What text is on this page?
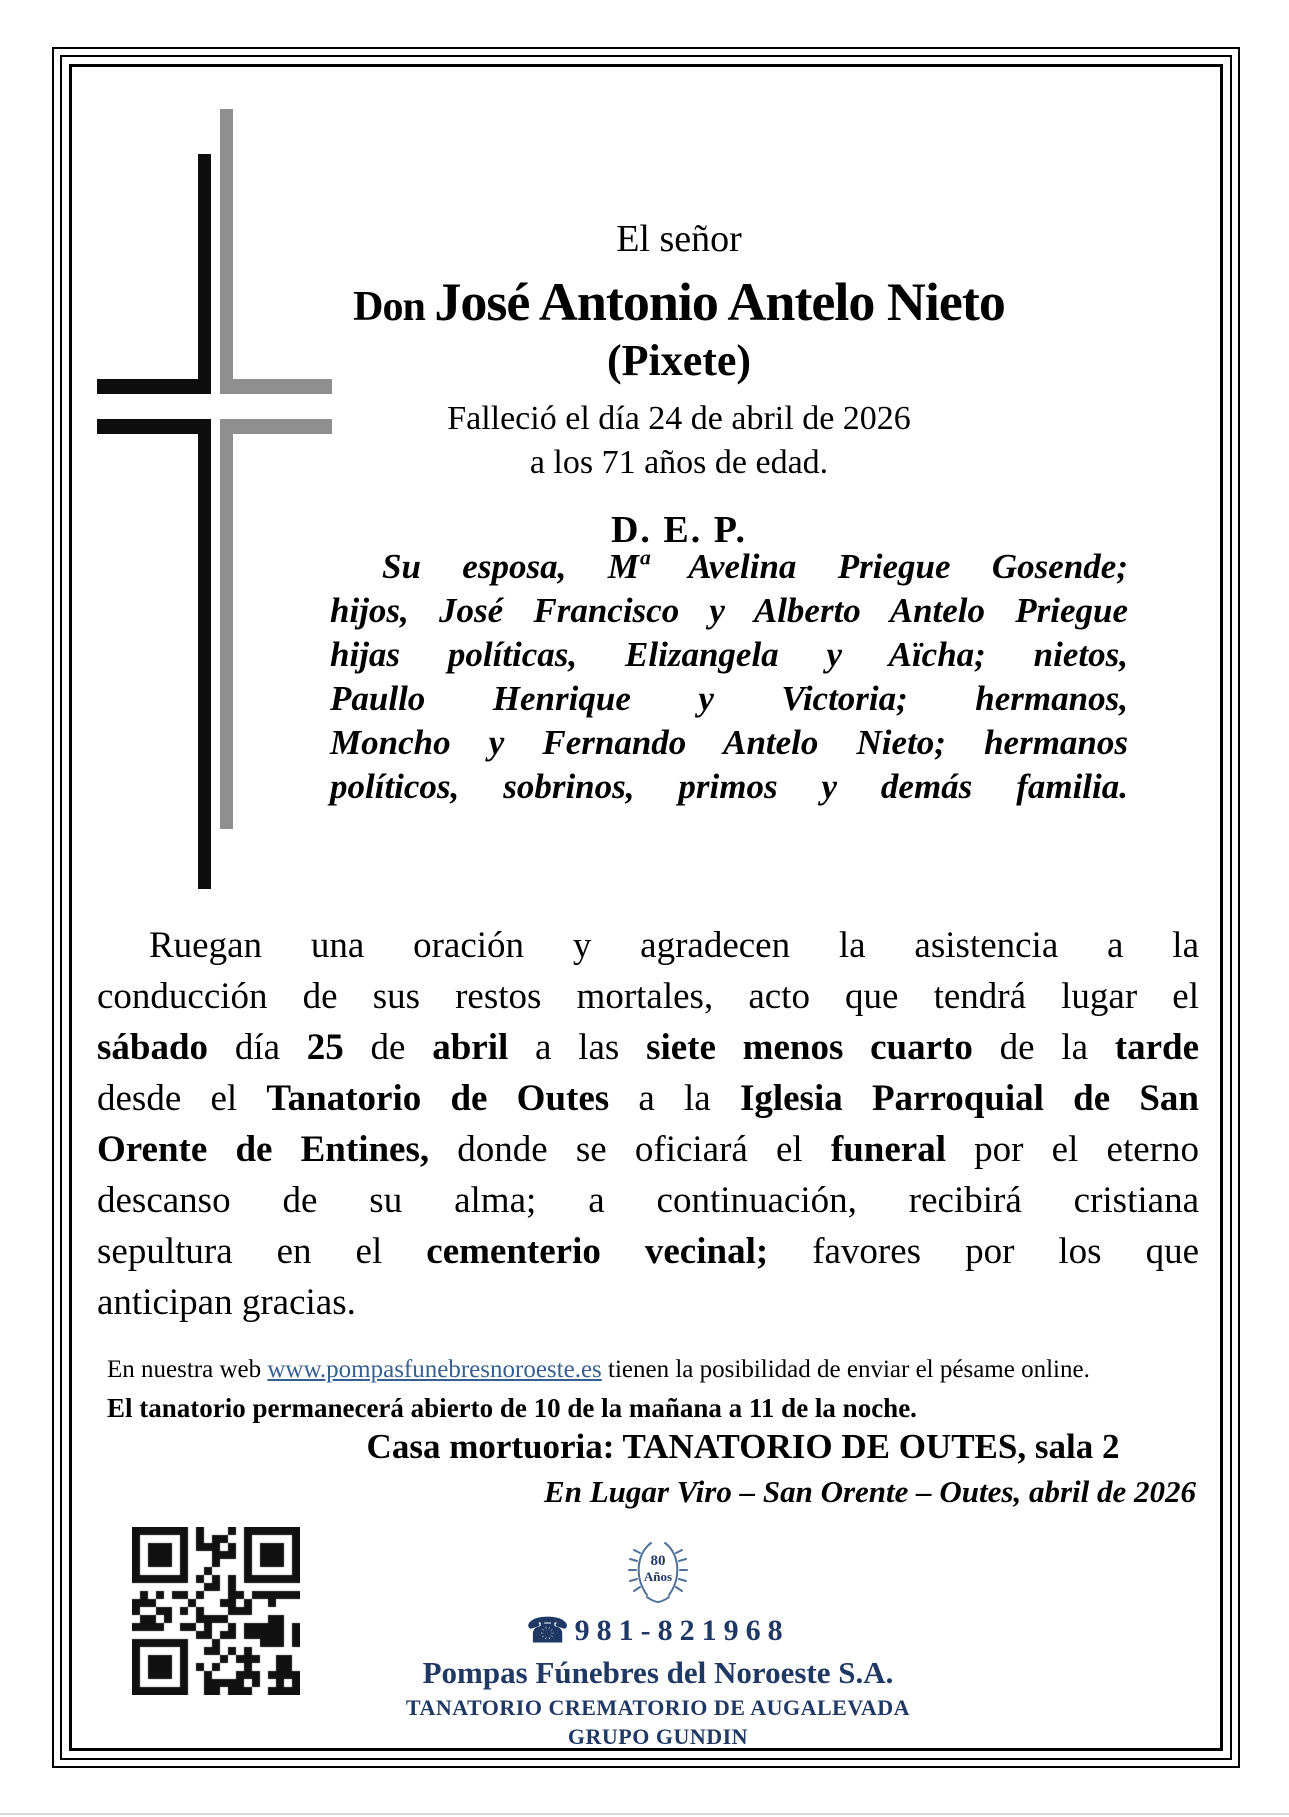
El señor
Don José Antonio Antelo Nieto
(Pixete)
Falleció el día 24 de abril de 2026
a los 71 años de edad.
D. E. P.
Su esposa, Mª Avelina Priegue Gosende;
hijos, José Francisco y Alberto Antelo Priegue
hijas políticas, Elizangela y Aïcha; nietos,
Paullo Henrique y Victoria; hermanos,
Moncho y Fernando Antelo Nieto; hermanos
políticos, sobrinos, primos y demás familia.
Ruegan una oración y agradecen la asistencia a la
conducción de sus restos mortales, acto que tendrá lugar el
sábado día 25 de abril a las siete menos cuarto de la tarde
desde el Tanatorio de Outes a la Iglesia Parroquial de San
Orente de Entines, donde se oficiará el funeral por el eterno
descanso de su alma; a continuación, recibirá cristiana
sepultura en el cementerio vecinal; favores por los que
anticipan gracias.
En nuestra web www.pompasfunebresnoroeste.es tienen la posibilidad de enviar el pésame online.
El tanatorio permanecerá abierto de 10 de la mañana a 11 de la noche.
Casa mortuoria: TANATORIO DE OUTES, sala 2
En Lugar Viro – San Orente – Outes, abril de 2026
80
Años
☎ 981-821968
Pompas Fúnebres del Noroeste S.A.
TANATORIO CREMATORIO DE AUGALEVADA
GRUPO GUNDIN
